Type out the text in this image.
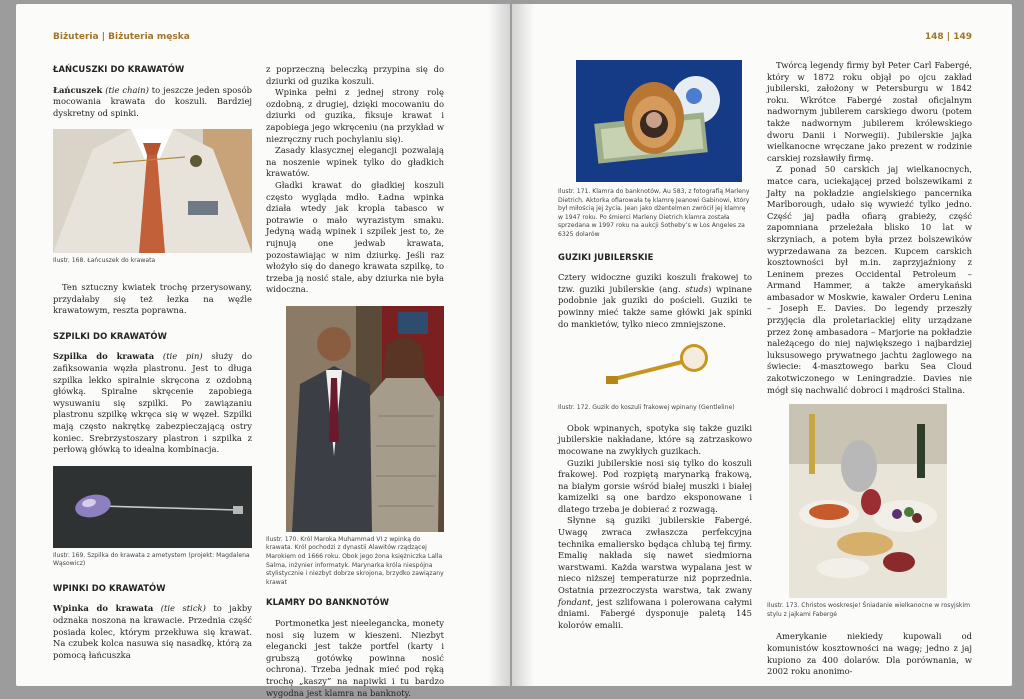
Biżuteria | Biżuteria męska
ŁAŃCUSZKI DO KRAWATÓW

Łańcuszek (tie chain) to jeszcze jeden sposób mocowania krawata do koszuli. Bardziej dyskretny od spinki.

Ilustr. 168. Łańcuszek do krawata

Ten sztuczny kwiatek trochę przerysowany, przydałaby się też łezka na węźle krawatowym, reszta poprawna.

SZPILKI DO KRAWATÓW

Szpilka do krawata (tie pin) służy do zafiksowania węzła plastronu. Jest to długa szpilka lekko spiralnie skręcona z ozdobną główką. Spiralne skręcenie zapobiega wysuwaniu się szpilki. Po zawiązaniu plastronu szpilkę wkręca się w węzeł. Szpilki mają często nakrętkę zabezpieczającą ostry koniec. Srebrzystoszary plastron i szpilka z perłową główką to idealna kombinacja.

Ilustr. 169. Szpilka do krawata z ametystem (projekt: Magdalena Wąsowicz)
WPINKI DO KRAWATÓW

Wpinka do krawata (tie stick) to jakby odznaka noszona na krawacie. Przednia część posiada kolec, którym przekłuwa się krawat. Na czubek kolca nasuwa się nasadkę, którą za pomocą łańcuszka

z poprzeczną beleczką przypina się do dziurki od guzika koszuli.

Wpinka pełni z jednej strony rolę ozdobną, z drugiej, dzięki mocowaniu do dziurki od guzika, fiksuje krawat i zapobiega jego wkręceniu (na przykład w niezręczny ruch pochylaniu się).

Zasady klasycznej elegancji pozwalają na noszenie wpinek tylko do gładkich krawatów.

Gładki krawat do gładkiej koszuli często wygląda mdło. Ładna wpinka działa wtedy jak kropla tabasco w potrawie o mało wyrazistym smaku. Jedyną wadą wpinek i szpilek jest to, że rujnują one jedwab krawata, pozostawiając w nim dziurkę. Jeśli raz włożyło się do danego krawata szpilkę, to trzeba ją nosić stale, aby dziurka nie była widoczna.

Ilustr. 170. Król Maroka Muhammad VI z wpinką do krawata. Król pochodzi z dynastii Alawitów rządzącej Marokiem od 1666 roku. Obok jego żona księżniczka Lalla Salma, inżynier informatyk. Marynarka króla niespójna stylistycznie i niezbyt dobrze skrojona, brzydko zawiązany krawat
KLAMRY DO BANKNOTÓW

Portmonetka jest nieelegancka, monety nosi się luzem w kieszeni. Niezbyt elegancki jest także portfel (karty i grubszą gotówkę powinna nosić ochrona). Trzeba jednak mieć pod ręką trochę „kaszy” na napiwki i tu bardzo wygodna jest klamra na banknoty.

148 | 149
Ilustr. 171. Klamra do banknotów, Au 583, z fotografią Marleny Dietrich. Aktorka ofiarowała tę klamrę Jeanowi Gabinowi, który był miłością jej życia. Jean jako dżentelmen zwrócił jej klamrę w 1947 roku. Po śmierci Marleny Dietrich klamra została sprzedana w 1997 roku na aukcji Sotheby’s w Los Angeles za 6325 dolarów
GUZIKI JUBILERSKIE

Cztery widoczne guziki koszuli frakowej to tzw. guziki jubilerskie (ang. studs) wpinane podobnie jak guziki do pościeli. Guziki te powinny mieć także same główki jak spinki do mankietów, tylko nieco zmniejszone.

Ilustr. 172. Guzik do koszuli frakowej wpinany (Gentleline)

Obok wpinanych, spotyka się także guziki jubilerskie nakładane, które są zatrzaskowo mocowane na zwykłych guzikach.

Guziki jubilerskie nosi się tylko do koszuli frakowej. Pod rozpiętą marynarką frakową, na białym gorsie wśród białej muszki i białej kamizelki są one bardzo eksponowane i dlatego trzeba je dobierać z rozwagą.

Słynne są guziki jubilerskie Fabergé. Uwagę zwraca zwłaszcza perfekcyjna technika emaliersko będąca chlubą tej firmy. Emalię nakłada się nawet siedmiorna warstwami. Każda warstwa wypalana jest w nieco niższej temperaturze niż poprzednia. Ostatnia przezroczysta warstwa, tak zwany fondant, jest szlifowana i polerowana całymi dniami. Fabergé dysponuje paletą 145 kolorów emalii.

Twórcą legendy firmy był Peter Carl Fabergé, który w 1872 roku objął po ojcu zakład jubilerski, założony w Petersburgu w 1842 roku. Wkrótce Fabergé został oficjalnym nadwornym jubilerem carskiego dworu (potem także nadwornym jubilerem królewskiego dworu Danii i Norwegii). Jubilerskie jajka wielkanocne wręczane jako prezent w rodzinie carskiej rozsławiły firmę.

Z ponad 50 carskich jaj wielkanocnych, matce cara, uciekającej przed bolszewikami z Jałty na pokładzie angielskiego pancernika Marlborough, udało się wywieźć tylko jedno. Część jaj padła ofiarą grabieży, część zapomniana przeleżała blisko 10 lat w skrzyniach, a potem była przez bolszewików wyprzedawana za bezcen. Kupcem carskich kosztowności był m.in. zaprzyjaźniony z Leninem prezes Occidental Petroleum – Armand Hammer, a także amerykański ambasador w Moskwie, kawaler Orderu Lenina – Joseph E. Davies. Do legendy przeszły przyjęcia dla proletariackiej elity urządzane przez żonę ambasadora – Marjorie na pokładzie należącego do niej największego i najbardziej luksusowego prywatnego jachtu żaglowego na świecie: 4-masztowego barku Sea Cloud zakotwiczonego w Leningradzie. Davies nie mógł się nachwalić dobroci i mądrości Stalina.

Ilustr. 173. Christos woskresje! Śniadanie wielkanocne w rosyjskim stylu z jajkami Fabergé

Amerykanie niekiedy kupowali od komunistów kosztowności na wagę; jedno z jaj kupiono za 400 dolarów. Dla porównania, w 2002 roku anonimo-
